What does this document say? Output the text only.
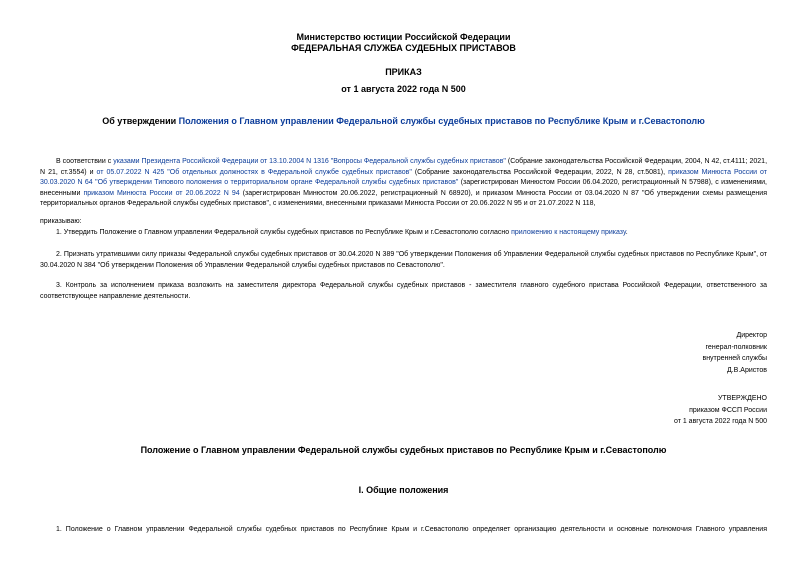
Министерство юстиции Российской Федерации
ФЕДЕРАЛЬНАЯ СЛУЖБА СУДЕБНЫХ ПРИСТАВОВ
ПРИКАЗ
от 1 августа 2022 года N 500
Об утверждении Положения о Главном управлении Федеральной службы судебных приставов по Республике Крым и г.Севастополю
В соответствии с указами Президента Российской Федерации от 13.10.2004 N 1316 "Вопросы Федеральной службы судебных приставов" (Собрание законодательства Российской Федерации, 2004, N 42, ст.4111; 2021, N 21, ст.3554) и от 05.07.2022 N 425 "Об отдельных должностях в Федеральной службе судебных приставов" (Собрание законодательства Российской Федерации, 2022, N 28, ст.5081), приказом Минюста России от 30.03.2020 N 64 "Об утверждении Типового положения о территориальном органе Федеральной службы судебных приставов" (зарегистрирован Минюстом России 06.04.2020, регистрационный N 57988), с изменениями, внесенными приказом Минюста России от 20.06.2022 N 94 (зарегистрирован Минюстом 20.06.2022, регистрационный N 68920), и приказом Минюста России от 03.04.2020 N 87 "Об утверждении схемы размещения территориальных органов Федеральной службы судебных приставов", с изменениями, внесенными приказами Минюста России от 20.06.2022 N 95 и от 21.07.2022 N 118,
приказываю:
1. Утвердить Положение о Главном управлении Федеральной службы судебных приставов по Республике Крым и г.Севастополю согласно приложению к настоящему приказу.
2. Признать утратившими силу приказы Федеральной службы судебных приставов от 30.04.2020 N 389 "Об утверждении Положения об Управлении Федеральной службы судебных приставов по Республике Крым", от 30.04.2020 N 384 "Об утверждении Положения об Управлении Федеральной службы судебных приставов по Севастополю".
3. Контроль за исполнением приказа возложить на заместителя директора Федеральной службы судебных приставов - заместителя главного судебного пристава Российской Федерации, ответственного за соответствующее направление деятельности.
Директор
генерал-полковник
внутренней службы
Д.В.Аристов
УТВЕРЖДЕНО
приказом ФССП России
от 1 августа 2022 года N 500
Положение о Главном управлении Федеральной службы судебных приставов по Республике Крым и г.Севастополю
I. Общие положения
1. Положение о Главном управлении Федеральной службы судебных приставов по Республике Крым и г.Севастополю определяет организацию деятельности и основные полномочия Главного управления
